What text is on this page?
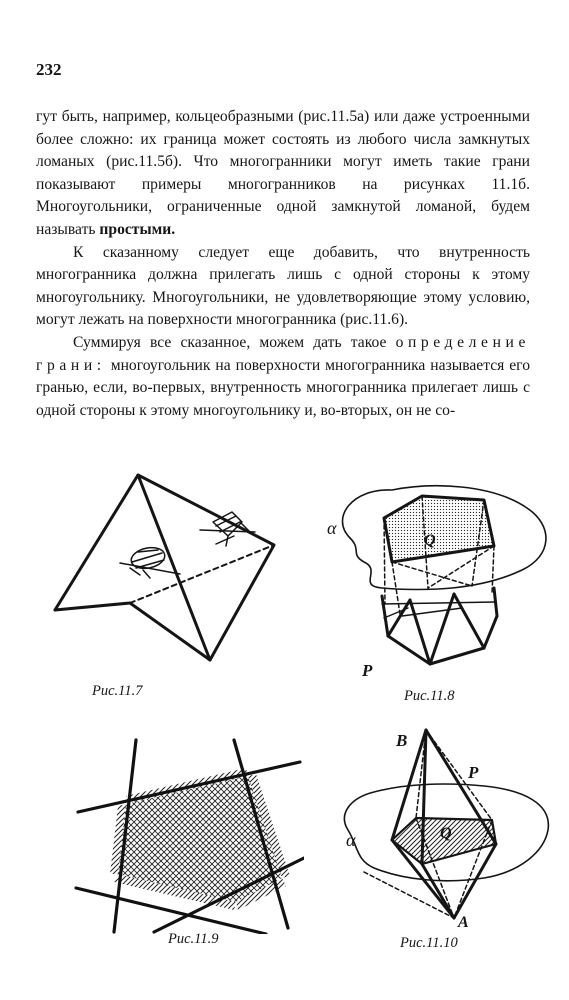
232

гут быть, например, кольцеобразными (рис.11.5а) или даже устроенными более сложно: их граница может состоять из любого числа замкнутых ломаных (рис.11.5б). Что многогранники могут иметь такие грани показывают примеры многогранников на рисунках 11.1б. Многоугольники, ограниченные одной замкнутой ломаной, будем называть простыми.

К сказанному следует еще добавить, что внутренность многогранника должна прилегать лишь с одной стороны к этому многоугольнику. Многоугольники, не удовлетворяющие этому условию, могут лежать на поверхности многогранника (рис.11.6).

Суммируя все сказанное, можем дать такое определение грани: многоугольник на поверхности многогранника называется его гранью, если, во-первых, внутренность многогранника прилегает лишь с одной стороны к этому многоугольнику и, во-вторых, он не со-

Рис.11.7
α
Q
P
Рис.11.8
Рис.11.9
B
P
α	Q
A
Рис.11.10
